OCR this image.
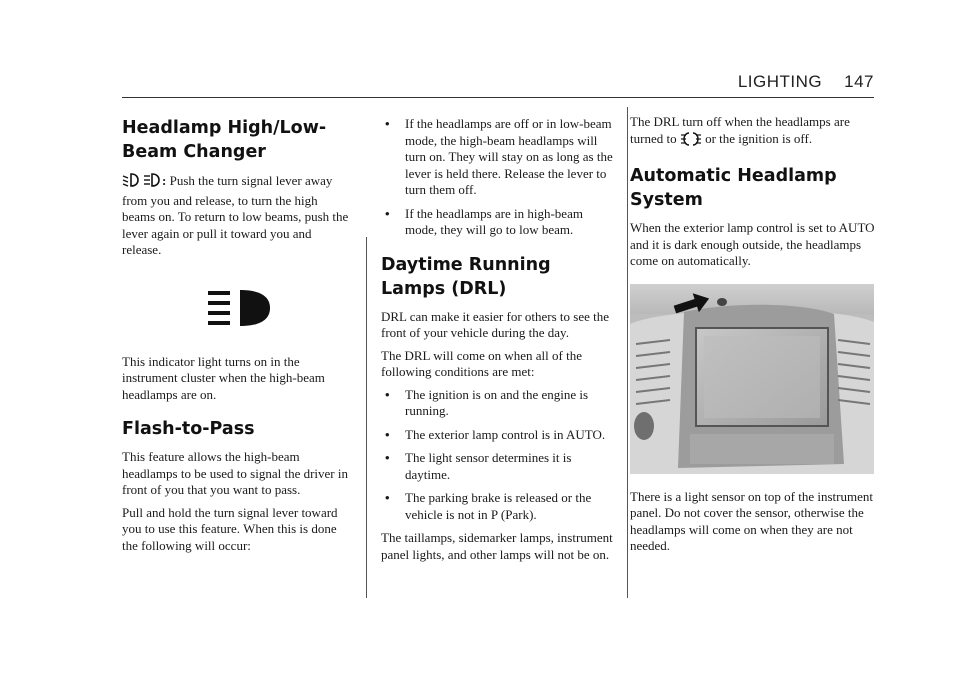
LIGHTING 147
Headlamp High/Low-Beam Changer

: Push the turn signal lever away from you and release, to turn the high beams on. To return to low beams, push the lever again or pull it toward you and release.

This indicator light turns on in the instrument cluster when the high-beam headlamps are on.

Flash-to-Pass

This feature allows the high-beam headlamps to be used to signal the driver in front of you that you want to pass.

Pull and hold the turn signal lever toward you to use this feature. When this is done the following will occur:

• If the headlamps are off or in low-beam mode, the high-beam headlamps will turn on. They will stay on as long as the lever is held there. Release the lever to turn them off.
• If the headlamps are in high-beam mode, they will go to low beam.
Daytime Running Lamps (DRL)

DRL can make it easier for others to see the front of your vehicle during the day.

The DRL will come on when all of the following conditions are met:

• The ignition is on and the engine is running.
• The exterior lamp control is in AUTO.
• The light sensor determines it is daytime.
• The parking brake is released or the vehicle is not in P (Park).

The taillamps, sidemarker lamps, instrument panel lights, and other lamps will not be on.

The DRL turn off when the headlamps are turned to or the ignition is off.

Automatic Headlamp System

When the exterior lamp control is set to AUTO and it is dark enough outside, the headlamps come on automatically.

There is a light sensor on top of the instrument panel. Do not cover the sensor, otherwise the headlamps will come on when they are not needed.
